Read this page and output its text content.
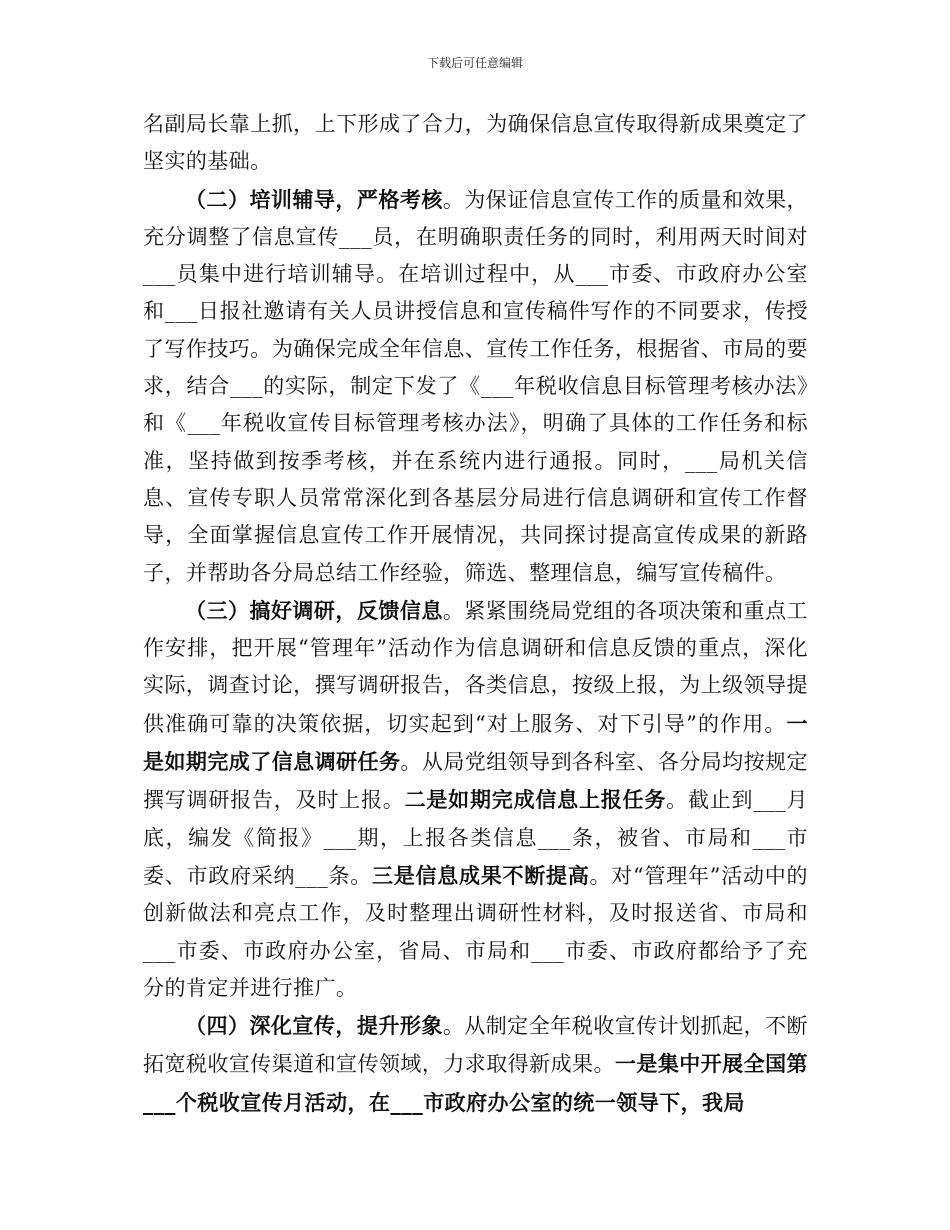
下载后可任意编辑

名副局长靠上抓，上下形成了合力，为确保信息宣传取得新成果奠定了坚实的基础。

（二）培训辅导，严格考核。为保证信息宣传工作的质量和效果，充分调整了信息宣传___员，在明确职责任务的同时，利用两天时间对___员集中进行培训辅导。在培训过程中，从___市委、市政府办公室和___日报社邀请有关人员讲授信息和宣传稿件写作的不同要求，传授了写作技巧。为确保完成全年信息、宣传工作任务，根据省、市局的要求，结合___的实际，制定下发了《___年税收信息目标管理考核办法》和《___年税收宣传目标管理考核办法》，明确了具体的工作任务和标准，坚持做到按季考核，并在系统内进行通报。同时，___局机关信息、宣传专职人员常常深化到各基层分局进行信息调研和宣传工作督导，全面掌握信息宣传工作开展情况，共同探讨提高宣传成果的新路子，并帮助各分局总结工作经验，筛选、整理信息，编写宣传稿件。

（三）搞好调研，反馈信息。紧紧围绕局党组的各项决策和重点工作安排，把开展“管理年”活动作为信息调研和信息反馈的重点，深化实际，调查讨论，撰写调研报告，各类信息，按级上报，为上级领导提供准确可靠的决策依据，切实起到“对上服务、对下引导”的作用。一是如期完成了信息调研任务。从局党组领导到各科室、各分局均按规定撰写调研报告，及时上报。二是如期完成信息上报任务。截止到___月底，编发《简报》___期，上报各类信息___条，被省、市局和___市委、市政府采纳___条。三是信息成果不断提高。对“管理年”活动中的创新做法和亮点工作，及时整理出调研性材料，及时报送省、市局和___市委、市政府办公室，省局、市局和___市委、市政府都给予了充分的肯定并进行推广。

（四）深化宣传，提升形象。从制定全年税收宣传计划抓起，不断拓宽税收宣传渠道和宣传领域，力求取得新成果。一是集中开展全国第___个税收宣传月活动，在___市政府办公室的统一领导下，我局
